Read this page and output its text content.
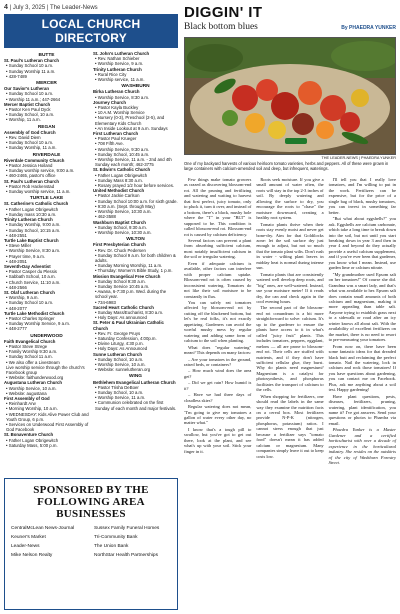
4 | July 3, 2025 | The Leader-News
LOCAL CHURCH DIRECTORY
BUTTE
St. Paul's Lutheran Church
• Sunday School 10 a.m.
• Sunday Worship 11 a.m.
• 428-7489
MERCER
Our Savior's Lutheran
• Sunday School 10 a.m.
• Worship 11 a.m.; 447-2664
Mercer Baptist Church
• Pastor Ken Paul Dyck
• Sunday School, 10 a.m.
• Worship, 11 a.m.
REGAN
Assembly of God Church
• Rev. David Diem
• Sunday School 10 a.m.
• Sunday Worship, 11 a.m.
RIVERDALE
Riverdale Community Church
• Pastor Jessica Hoiland
• Sunday worship service, 9:00 a.m.
• 460-2465, pastor's office
St. Paul's Lutheran Church
• Pastor Rob Hackenstad
• Sunday worship service, 11 a.m.
TURTLE LAKE
St. Catherine's Catholic Church
• Father Logan Obrigewitch
• Sunday mass 10:30 a.m.
Trinity Lutheran Church
• Sunday Worship, 9:00 a.m.
• Sunday School, 10:15 a.m.
• 448-2551
Turtle Lake Baptist Church
• Steve Miller
• Worship Service, 8:30 a.m.
• Prayer time, 9 a.m.
• 448-2051
Seventh-Day Adventist
• Pastor Casper du Plessis
• Sabbath School, 10 a.m.
• Church Service, 11:10 a.m.
• 448-2566
St. Olaf Lutheran Church
• Worship, 9 a.m.
• Sunday School 10 a.m.
• 448-2077
Turtle Lake Methodist Church
• Pastor Charles Springer
• Sunday Worship Service, 9 a.m.
• 448-2777
UNDERWOOD
Faith Evangelical Church
• Pastor Steve Strege
• Family Worship 9:30 a.m.
• Sunday School 11 a.m.
• We also offer a Livestream
Live worship service through the church's Facebook group
• Website: faithunderwood.org
Augustana Lutheran Church
• Worship Service, 10 a.m.
• Website: augustana
First Assembly of God
• Reinhardt Arw
• Morning Worship, 10 a.m.
• WEDNESDAY: Kids Alive Power Club and Youth Group, 6 p.m.
• Services on Underwood First Assembly of God Facebook
St. Bonaventure Church
• Father Logan Obrigewitch
• Saturday Mass, 5:00 p.m.
St. John's Lutheran Church
• Rev. Nathan Schieber
• Worship Service, 9 a.m.
Trinity Lutheran Church
• Rural Rice City
• Worship service, 11 a.m.
WASHBURN
Birka Lutheran Church
• Worship Service, 8:30 a.m.
Journey Church
• Pastor Kayla Buckley
• 10 A.M. Worship Service
• Nursery (0-3), Preschool (2-5), and Elementary Kids Church
• An Inside Lookout at 9 a.m. Sundays
First Lutheran Church
• Pastor Paul Krueger
• 708 Fifth Ave.
• Worship Service, 9:30 a.m.
• Sunday School, 10:45 a.m.
• Worship Service, 11 a.m. - 2nd and 4th Sunday each month; 462-3775
St. Edwin's Catholic Church
• Father Logan Obrigewitch
• Sunday Mass 8:30 a.m.
• Rosary prayed 1/2 hour before services.
United Methodist Church
• Pastor Jackie Carlson
• Sunday School 10:00 a.m. for sixth grade.
• 9:30 a.m. (Sept. through May)
• Worship Service, 10:30 a.m.
• 462-3588
Washburn Baptist Church
• Sunday School, 9:30 a.m.
• Worship Service, 10:30 a.m.
WILTON
First Presbyterian Church
• Rev. Dr. Chuck Pedersen
• Sunday School 9 a.m. for both children & adults.
• Sunday Morning Worship, 11 a.m.
• Thursday: Women's Bible Study, 1 p.m.
Mission Evangelical Free Church
• Sunday School 9:30 a.m.
• Sunday Service 10:45 a.m.
• Awana, 6-7:30 p.m. Wed. during the school year.
• 734-6983
Sacred Heart Catholic Church
• Sunday Mass/Eucharist, 8:30 a.m.
• Holy Days: As announced
St. Peter & Paul Ukrainian Catholic Church
• Rev. Fr. George Pruys
• Saturday Confession, 4:00p.m.
• Divine Liturgy, 4:30 p.m.
• Holy Days: As Announced
Sunne Lutheran Church
• Sunday School, 10 a.m.
• Worship Service, 10 a.m.
• Website: sunnelutheran.org
WING
Bethlehem Evangelical Lutheran Church
• Pastor Trisha DeBoer
• Sunday School, 10 a.m.
• Worship Service, 11 a.m.
• Communion celebrated on the first Sunday of each month and major festivals.
SPONSORED BY THE FOLLOWING AREA BUSINESSES
CentralMcLean News-Journal	Sussex Family Funeral Homes
Keuner's Market	Tri-Community Bank
Leader-News	The Union Bank
Mike Nelson Realty	NorthStar Health Partnerships
DIGGIN' IT
Black bottom blues	By PHAEDRA YUNKER
THE LEADER-NEWS | PHAEDRA YUNKER
One of my backyard harvests of various heirloom tomato varieties, herbs and peppers. All of these were grown in large containers with calcium-amended soil and deep, but infrequent, waterings.

Few things make tomato growers as crazed as discovering blossom-end rot. All the pruning and fertilizing and watering and waiting to harvest that first perfect, juicy tomato, only to pluck it, turn it over, and instead of a bottom, there's a black, mushy hole where the "T" in your "BLT" is supposed to be. This condition is called blossom-end rot. Blossom-end rot is caused by calcium deficiency.

Several factors can prevent a plant from absorbing sufficient calcium, most notably insufficient calcium in the soil or irregular watering.

Even if adequate calcium is available, other factors can interfere with proper calcium uptake. Blossom-end rot is often caused by inconsistent watering. Tomatoes do not like their soil moisture to be constantly in flux.

You can safely eat tomatoes affected by blossom-end rot by cutting off the blackened bottom, but let's be real folks, it's not exactly appetizing. Gardeners can avoid the woeful mushy mess by regular watering and adding some form of calcium to the soil when planting.

What does "regular watering" mean? This depends on many factors:

– Are your tomatoes in the ground, raised beds, or containers?

– How much wind does the area get?

– Did we get rain? How humid is it?

– Have we had three days of cloudless skies?

Regular watering does not mean, "I'm going to give my tomatoes a gallon of water every other day, no matter what."

I know that's a tough pill to swallow, but you've got to get out there, look at the plant, and see what's up with your soil. Stick your finger in it.

Roots seek moisture. If you give a small amount of water often, the roots will stay in the top 2-3 inches of soil. By deeply watering and allowing the surface to dry, you encourage the roots to "chase" the moisture downward, creating a healthy root system.

Tomato plants thrive when their roots stay evenly moist and never get bone-dry. Aim for that Goldilocks zone: let the soil surface dry just enough to adjust, but not so much that the tomato plant wilts. Don't rush in water - wilting plant leaves in midday heat is normal during intense sun.

Tomato plants that are consistently watered well develop deep roots, and "big" ones, are well-watered. Instead, use your moisture meter! If it reads dry, the can and check again in the cool evening hours.

The second part of the blossom-end rot conundrum is a bit more straightforward to solve: calcium. It's up to the gardener to ensure the plants have access to it in what's called "juicy fruit" plants. This includes tomatoes, peppers, eggplant, melons — all are prone to blossom-end rot. Their cells are stuffed with nutrients, and if they don't have sufficient cellular glue, they burst. Why do plants need magnesium? Magnesium is a catalyst for photosynthesis, and phosphorus facilitates the transport of calcium to the cells.

When shopping for fertilizers, one should read the labels in the same way they examine the nutrition facts on a cereal box. Most fertilizers provide N-P-K (nitrogen, phosphorus, potassium) ratios. I cannot stress enough that just because a fertilizer says "tomato food" doesn't mean it has added calcium or magnesium. Many companies simply leave it out to keep costs low.

I'll tell you that I really love tomatoes, and I'm willing to put in the work. Fertilizers can be expensive, but for the price of a single bag of black, mushy tomatoes, you can invest in something far better.

"But what about eggshells?" you ask. Eggshells are calcium carbonate, which take a long time to break down into the soil, but not until you start breaking down in year 3 and then in year 4 and beyond do they actually provide a useful calcium supplement, and if you've ever been that gardener, you know what I mean. Instead, use garden lime or calcium nitrate.

"My grandmother used Epsom salt on her tomatoes!" Of course she did. Grandma was a smart lady, and that's what was available to her. Epsom salt does contain small amounts of both calcium and magnesium, making it more appealing than table salt. Anyone trying to establish grass next to a sidewalk or road after an icy winter knows all about salt. With the availability of excellent fertilizers on the market, there is no need to resort to pre-measuring your tomatoes.

From now on, there have been some fantastic ideas for that dreaded black butt and reclaiming the perfect tomato. Nail the watering, lock in calcium and rock those tomatoes! If you have questions about gardening, you can contact me on Facebook. Plus, ask me anything about a soil test. Happy gardening!

Have plant questions, pests, diseases, fertilizers, pruning, watering, plant identification, you name it? I've got answers. Send your questions or photos to Phaedra via email.

Phaedra Yunker is a Master Gardener and a certified horticulturist with over a decade of experience in the horticultural industry. She resides on the outskirts of the city of Washburn Forestry Street.
